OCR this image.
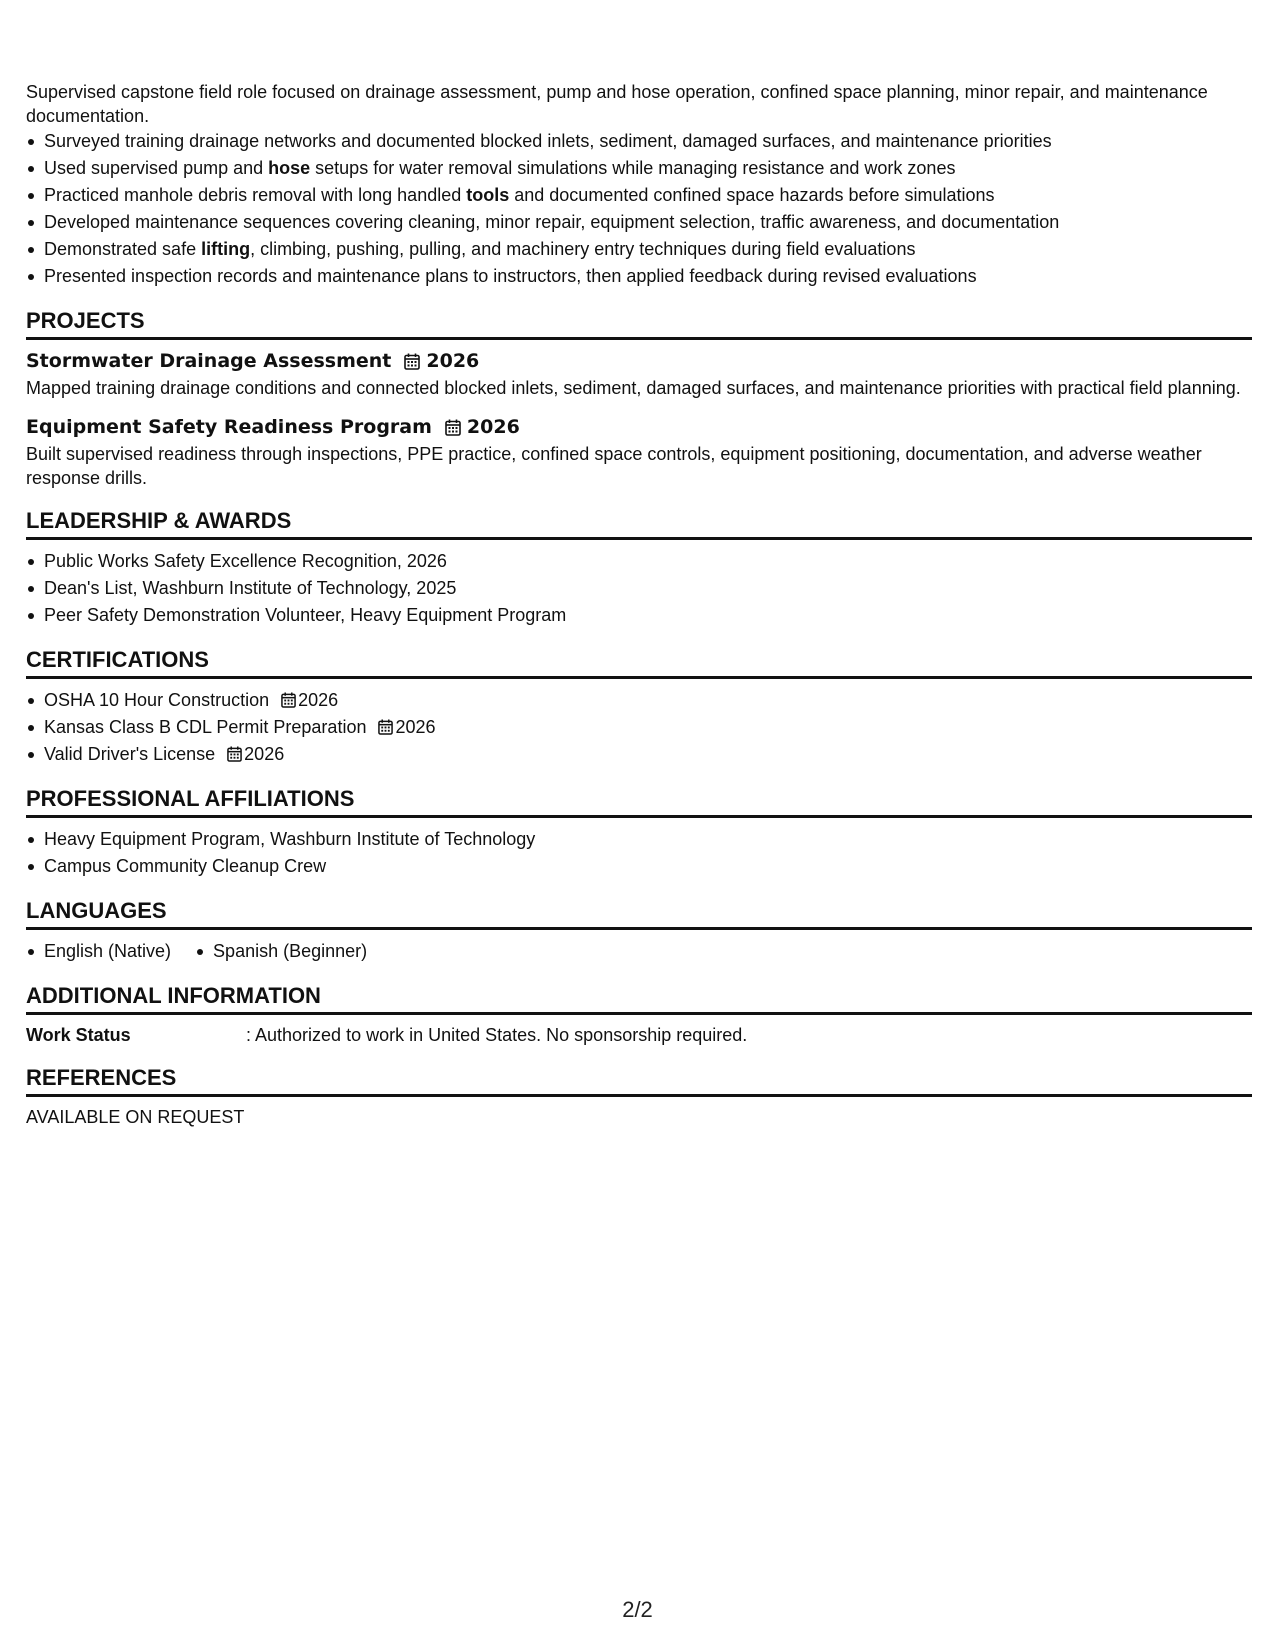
Supervised capstone field role focused on drainage assessment, pump and hose operation, confined space planning, minor repair, and maintenance documentation.

Surveyed training drainage networks and documented blocked inlets, sediment, damaged surfaces, and maintenance priorities
Used supervised pump and hose setups for water removal simulations while managing resistance and work zones
Practiced manhole debris removal with long handled tools and documented confined space hazards before simulations
Developed maintenance sequences covering cleaning, minor repair, equipment selection, traffic awareness, and documentation
Demonstrated safe lifting, climbing, pushing, pulling, and machinery entry techniques during field evaluations
Presented inspection records and maintenance plans to instructors, then applied feedback during revised evaluations
PROJECTS
Stormwater Drainage Assessment 2026

Mapped training drainage conditions and connected blocked inlets, sediment, damaged surfaces, and maintenance priorities with practical field planning.

Equipment Safety Readiness Program 2026

Built supervised readiness through inspections, PPE practice, confined space controls, equipment positioning, documentation, and adverse weather response drills.

LEADERSHIP & AWARDS
Public Works Safety Excellence Recognition, 2026
Dean's List, Washburn Institute of Technology, 2025
Peer Safety Demonstration Volunteer, Heavy Equipment Program
CERTIFICATIONS
OSHA 10 Hour Construction 2026
Kansas Class B CDL Permit Preparation 2026
Valid Driver's License 2026
PROFESSIONAL AFFILIATIONS
Heavy Equipment Program, Washburn Institute of Technology
Campus Community Cleanup Crew
LANGUAGES
English (Native)	Spanish (Beginner)
ADDITIONAL INFORMATION
Work Status	: Authorized to work in United States. No sponsorship required.
REFERENCES
AVAILABLE ON REQUEST
2/2
